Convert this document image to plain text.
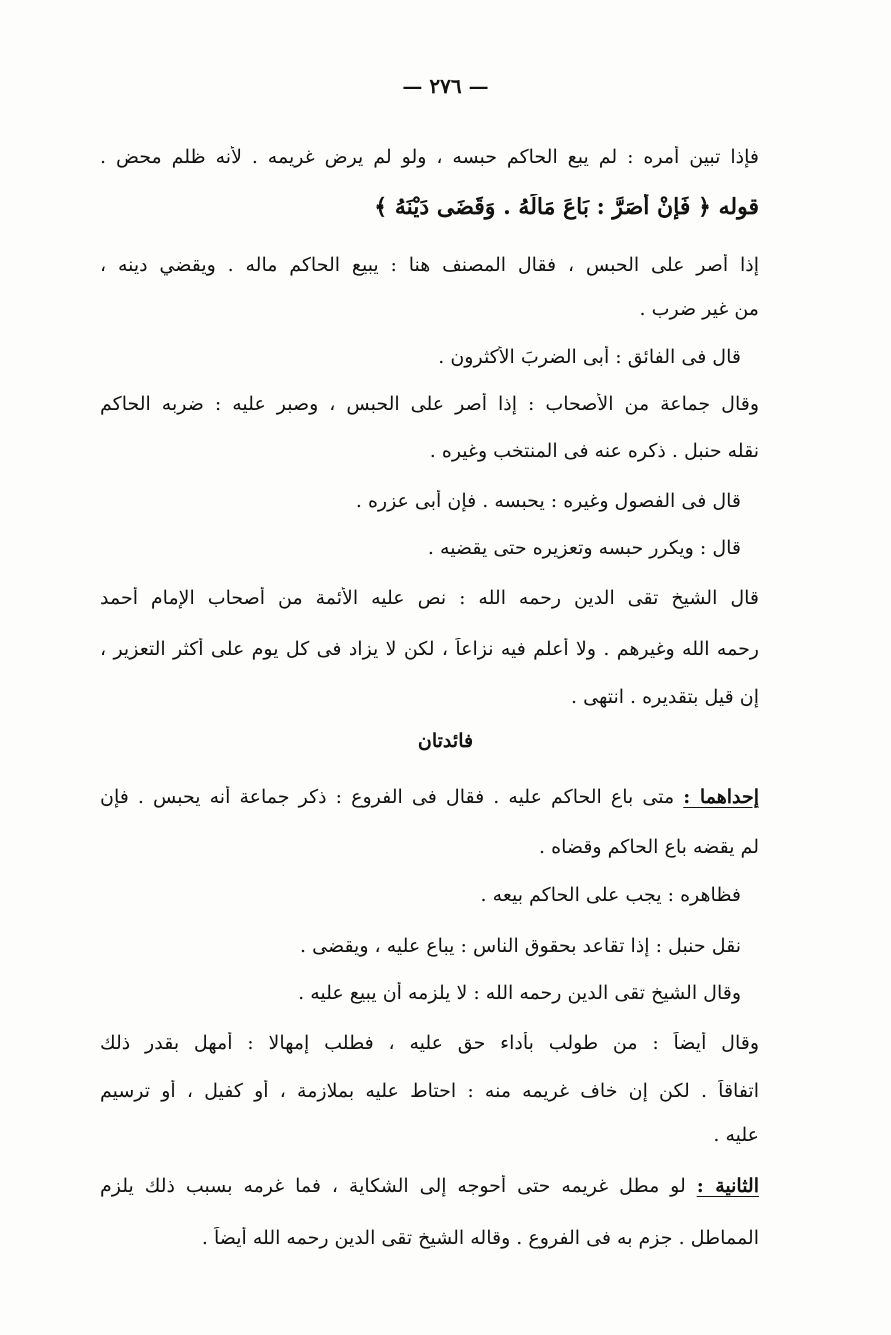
— ٢٧٦ —
فإذا تبين أمره : لم يبع الحاكم حبسه ، ولو لم يرض غريمه . لأنه ظلم محض .
قوله ﴿ فَإِنْ أَصَرَّ : بَاعَ مَالَهُ . وَقَضَى دَيْنَهُ ﴾
إذا أصر على الحبس ، فقال المصنف هنا : يبيع الحاكم ماله . ويقضي دينه ،
من غير ضرب .
قال فى الفائق : أبى الضربَ الأكثرون .
وقال جماعة من الأصحاب : إذا أصر على الحبس ، وصبر عليه : ضربه الحاكم
نقله حنبل . ذكره عنه فى المنتخب وغيره .
قال فى الفصول وغيره : يحبسه . فإن أبى عزره .
قال : ويكرر حبسه وتعزيره حتى يقضيه .
قال الشيخ تقى الدين رحمه الله : نص عليه الأئمة من أصحاب الإمام أحمد
رحمه الله وغيرهم . ولا أعلم فيه نزاعاً ، لكن لا يزاد فى كل يوم على أكثر التعزير ،
إن قيل بتقديره . انتهى .
فائدتان
إحداهما : متى باع الحاكم عليه . فقال فى الفروع : ذكر جماعة أنه يحبس . فإن
لم يقضه باع الحاكم وقضاه .
فظاهره : يجب على الحاكم بيعه .
نقل حنبل : إذا تقاعد بحقوق الناس : يباع عليه ، ويقضى .
وقال الشيخ تقى الدين رحمه الله : لا يلزمه أن يبيع عليه .
وقال أيضاً : من طولب بأداء حق عليه ، فطلب إمهالا : أمهل بقدر ذلك
اتفاقاً . لكن إن خاف غريمه منه : احتاط عليه بملازمة ، أو كفيل ، أو ترسيم
عليه .
الثانية : لو مطل غريمه حتى أحوجه إلى الشكاية ، فما غرمه بسبب ذلك يلزم
المماطل . جزم به فى الفروع . وقاله الشيخ تقى الدين رحمه الله أيضاً .
